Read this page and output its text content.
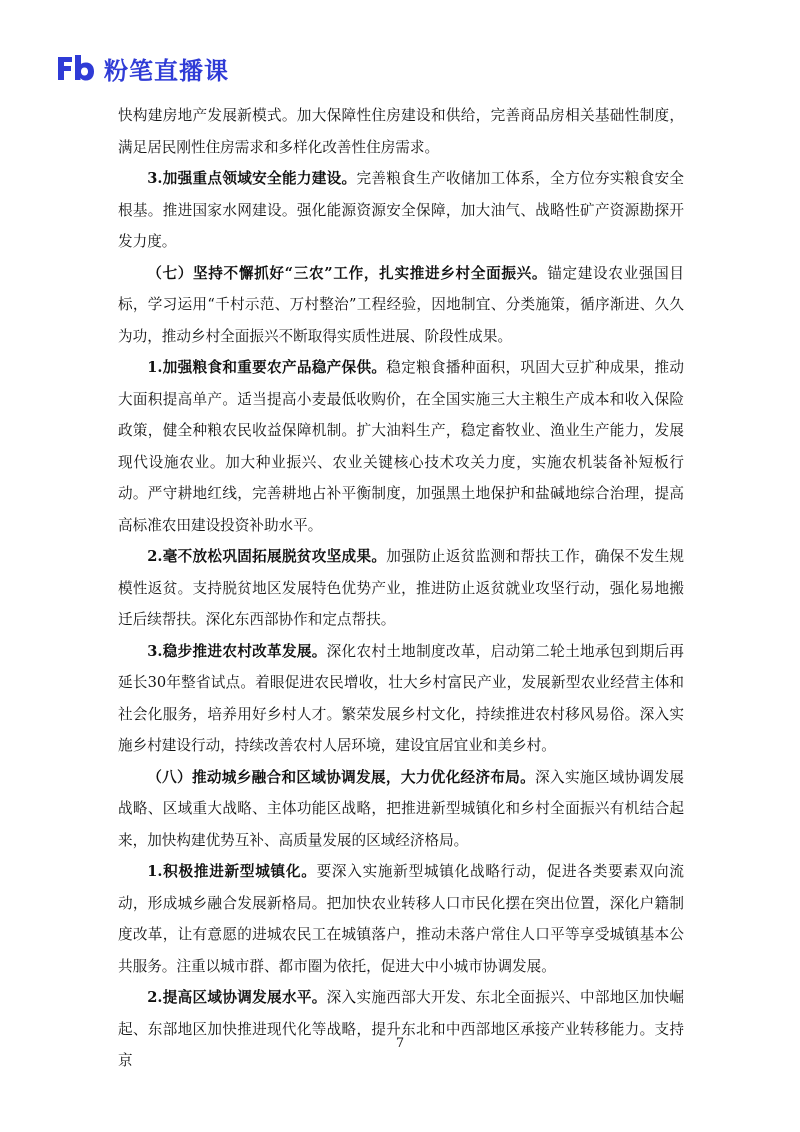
粉笔直播课

快构建房地产发展新模式。加大保障性住房建设和供给，完善商品房相关基础性制度，满足居民刚性住房需求和多样化改善性住房需求。

3.加强重点领域安全能力建设。完善粮食生产收储加工体系，全方位夯实粮食安全根基。推进国家水网建设。强化能源资源安全保障，加大油气、战略性矿产资源勘探开发力度。

（七）坚持不懈抓好“三农”工作，扎实推进乡村全面振兴。锚定建设农业强国目标，学习运用“千村示范、万村整治”工程经验，因地制宜、分类施策，循序渐进、久久为功，推动乡村全面振兴不断取得实质性进展、阶段性成果。

1.加强粮食和重要农产品稳产保供。稳定粮食播种面积，巩固大豆扩种成果，推动大面积提高单产。适当提高小麦最低收购价，在全国实施三大主粮生产成本和收入保险政策，健全种粮农民收益保障机制。扩大油料生产，稳定畜牧业、渔业生产能力，发展现代设施农业。加大种业振兴、农业关键核心技术攻关力度，实施农机装备补短板行动。严守耕地红线，完善耕地占补平衡制度，加强黑土地保护和盐碱地综合治理，提高高标准农田建设投资补助水平。

2.毫不放松巩固拓展脱贫攻坚成果。加强防止返贫监测和帮扶工作，确保不发生规模性返贫。支持脱贫地区发展特色优势产业，推进防止返贫就业攻坚行动，强化易地搬迁后续帮扶。深化东西部协作和定点帮扶。

3.稳步推进农村改革发展。深化农村土地制度改革，启动第二轮土地承包到期后再延长30年整省试点。着眼促进农民增收，壮大乡村富民产业，发展新型农业经营主体和社会化服务，培养用好乡村人才。繁荣发展乡村文化，持续推进农村移风易俗。深入实施乡村建设行动，持续改善农村人居环境，建设宜居宜业和美乡村。

（八）推动城乡融合和区域协调发展，大力优化经济布局。深入实施区域协调发展战略、区域重大战略、主体功能区战略，把推进新型城镇化和乡村全面振兴有机结合起来，加快构建优势互补、高质量发展的区域经济格局。

1.积极推进新型城镇化。要深入实施新型城镇化战略行动，促进各类要素双向流动，形成城乡融合发展新格局。把加快农业转移人口市民化摆在突出位置，深化户籍制度改革，让有意愿的进城农民工在城镇落户，推动未落户常住人口平等享受城镇基本公共服务。注重以城市群、都市圈为依托，促进大中小城市协调发展。

2.提高区域协调发展水平。深入实施西部大开发、东北全面振兴、中部地区加快崛起、东部地区加快推进现代化等战略，提升东北和中西部地区承接产业转移能力。支持京

7
